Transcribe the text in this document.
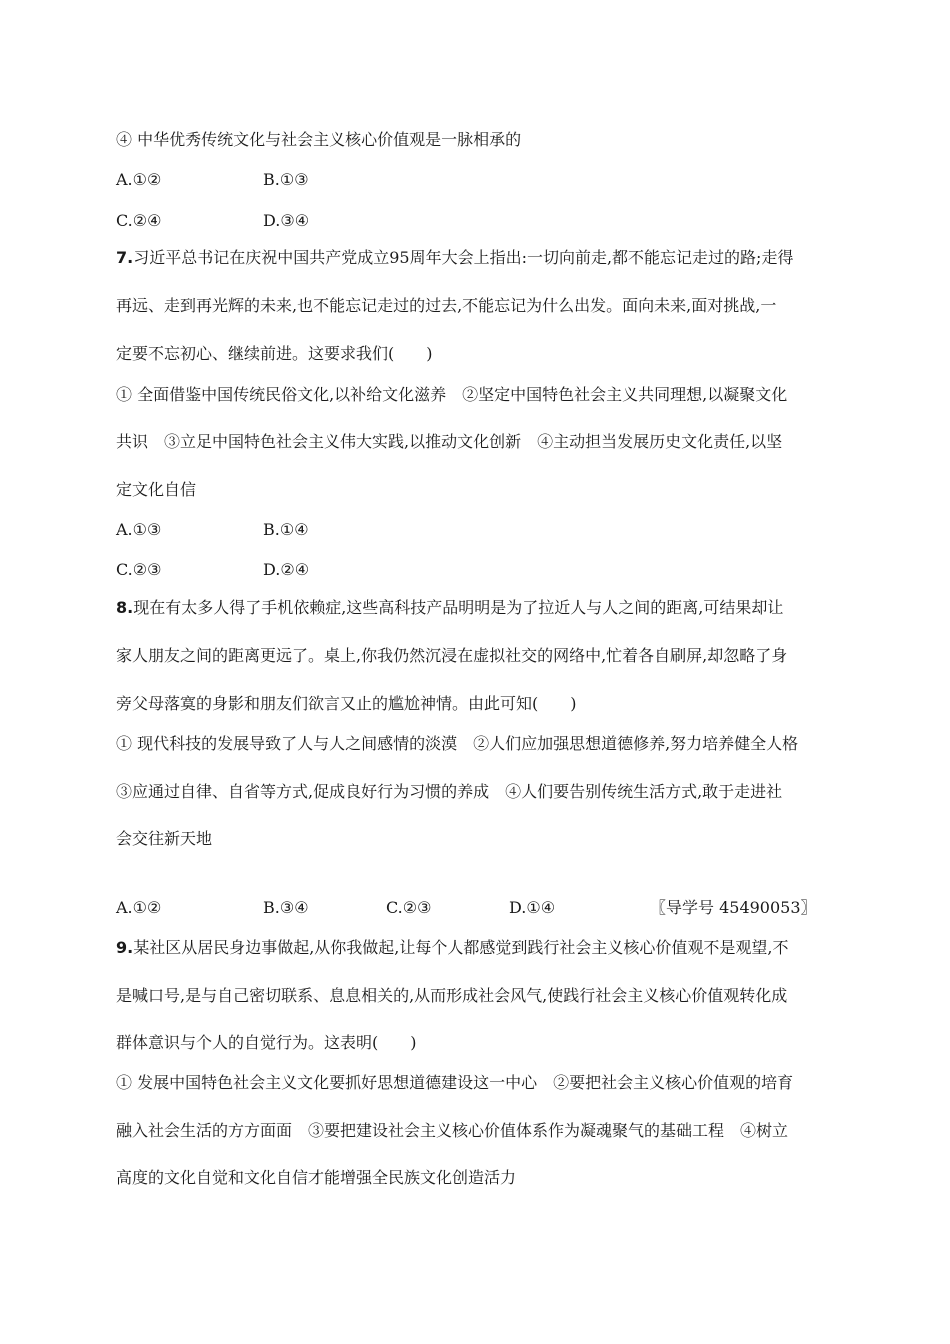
④ 中华优秀传统文化与社会主义核心价值观是一脉相承的
A.①②	B.①③
C.②④	D.③④
7.习近平总书记在庆祝中国共产党成立95周年大会上指出:一切向前走,都不能忘记走过的路;走得
再远、走到再光辉的未来,也不能忘记走过的过去,不能忘记为什么出发。面向未来,面对挑战,一
定要不忘初心、继续前进。这要求我们(　　)
① 全面借鉴中国传统民俗文化,以补给文化滋养　②坚定中国特色社会主义共同理想,以凝聚文化
共识　③立足中国特色社会主义伟大实践,以推动文化创新　④主动担当发展历史文化责任,以坚
定文化自信
A.①③	B.①④
C.②③	D.②④
8.现在有太多人得了手机依赖症,这些高科技产品明明是为了拉近人与人之间的距离,可结果却让
家人朋友之间的距离更远了。桌上,你我仍然沉浸在虚拟社交的网络中,忙着各自刷屏,却忽略了身
旁父母落寞的身影和朋友们欲言又止的尴尬神情。由此可知(　　)
① 现代科技的发展导致了人与人之间感情的淡漠　②人们应加强思想道德修养,努力培养健全人格
③应通过自律、自省等方式,促成良好行为习惯的养成　④人们要告别传统生活方式,敢于走进社
会交往新天地
A.①②	B.③④	C.②③	D.①④	〖导学号 45490053〗
9.某社区从居民身边事做起,从你我做起,让每个人都感觉到践行社会主义核心价值观不是观望,不
是喊口号,是与自己密切联系、息息相关的,从而形成社会风气,使践行社会主义核心价值观转化成
群体意识与个人的自觉行为。这表明(　　)
① 发展中国特色社会主义文化要抓好思想道德建设这一中心　②要把社会主义核心价值观的培育
融入社会生活的方方面面　③要把建设社会主义核心价值体系作为凝魂聚气的基础工程　④树立
高度的文化自觉和文化自信才能增强全民族文化创造活力
